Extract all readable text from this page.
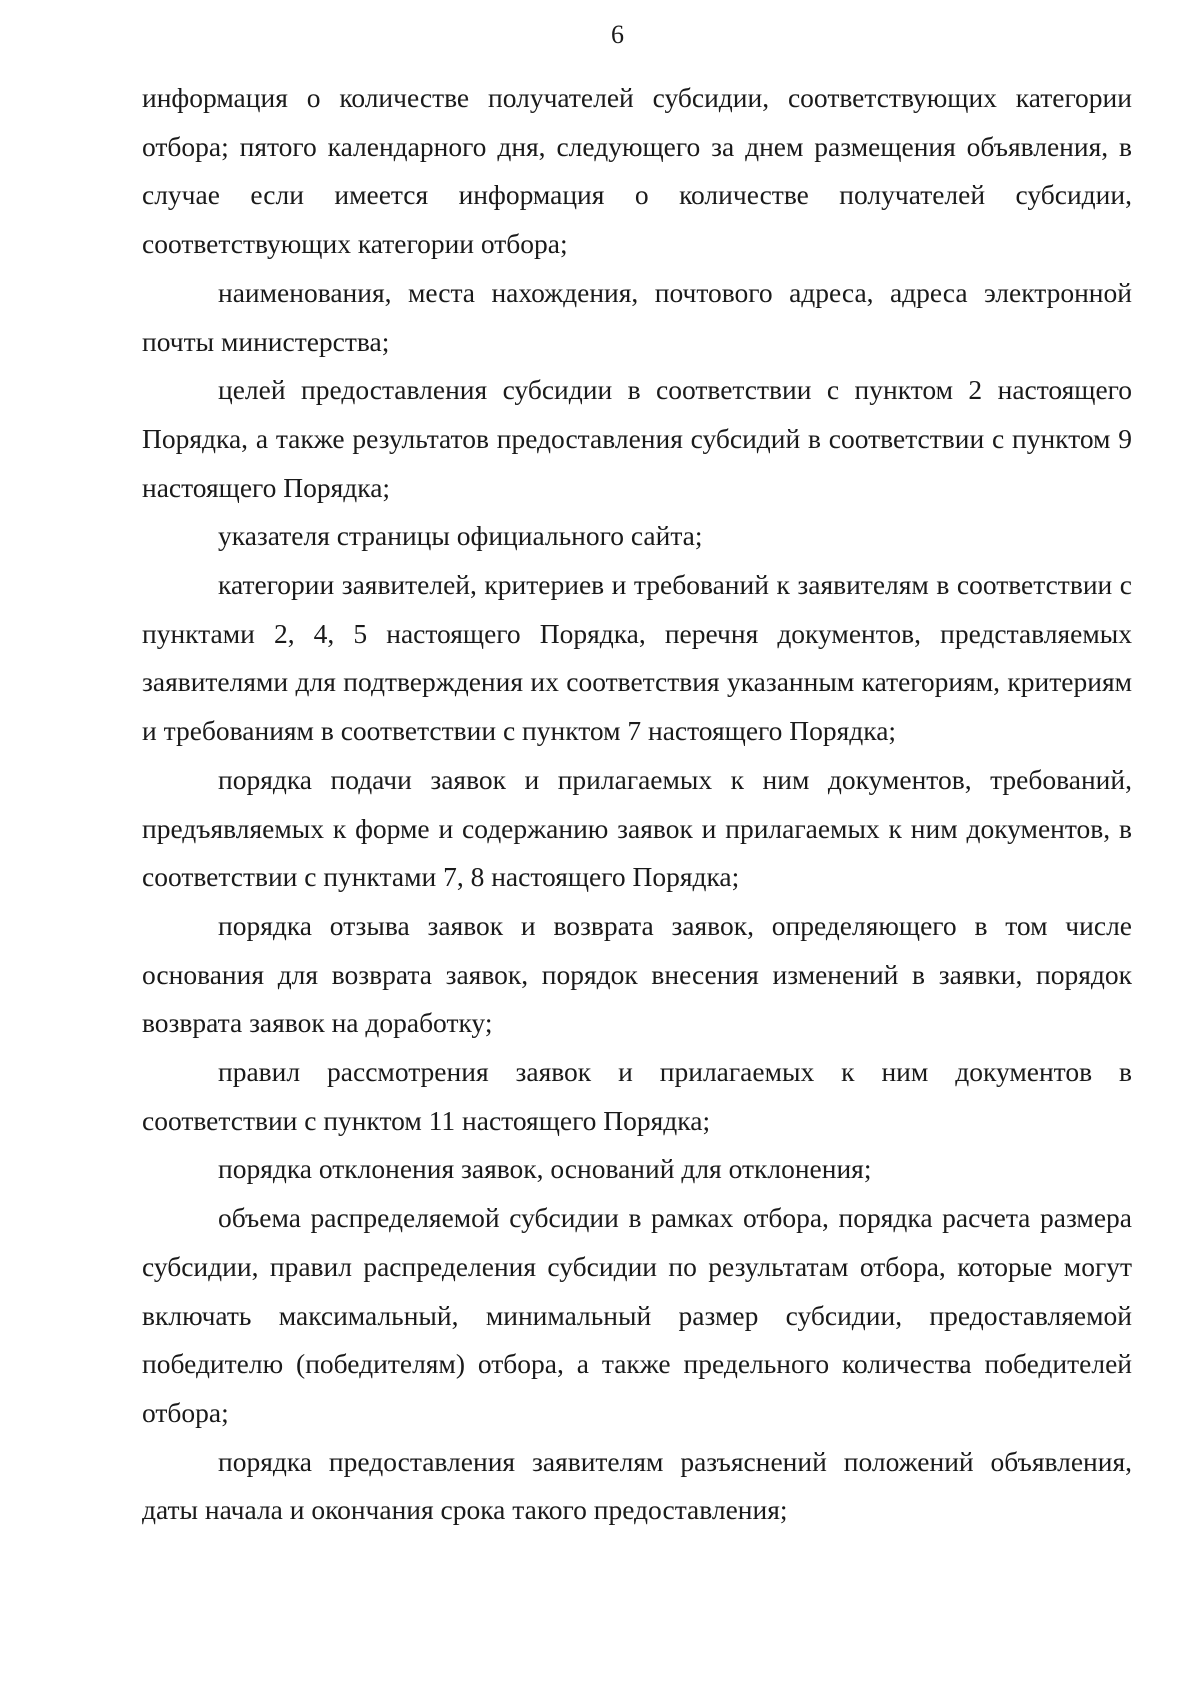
6

информация о количестве получателей субсидии, соответствующих категории отбора; пятого календарного дня, следующего за днем размещения объявления, в случае если имеется информация о количестве получателей субсидии, соответствующих категории отбора;

наименования, места нахождения, почтового адреса, адреса электронной почты министерства;

целей предоставления субсидии в соответствии с пунктом 2 настоящего Порядка, а также результатов предоставления субсидий в соответствии с пунктом 9 настоящего Порядка;

указателя страницы официального сайта;

категории заявителей, критериев и требований к заявителям в соответствии с пунктами 2, 4, 5 настоящего Порядка, перечня документов, представляемых заявителями для подтверждения их соответствия указанным категориям, критериям и требованиям в соответствии с пунктом 7 настоящего Порядка;

порядка подачи заявок и прилагаемых к ним документов, требований, предъявляемых к форме и содержанию заявок и прилагаемых к ним документов, в соответствии с пунктами 7, 8 настоящего Порядка;

порядка отзыва заявок и возврата заявок, определяющего в том числе основания для возврата заявок, порядок внесения изменений в заявки, порядок возврата заявок на доработку;

правил рассмотрения заявок и прилагаемых к ним документов в соответствии с пунктом 11 настоящего Порядка;

порядка отклонения заявок, оснований для отклонения;

объема распределяемой субсидии в рамках отбора, порядка расчета размера субсидии, правил распределения субсидии по результатам отбора, которые могут включать максимальный, минимальный размер субсидии, предоставляемой победителю (победителям) отбора, а также предельного количества победителей отбора;

порядка предоставления заявителям разъяснений положений объявления, даты начала и окончания срока такого предоставления;
